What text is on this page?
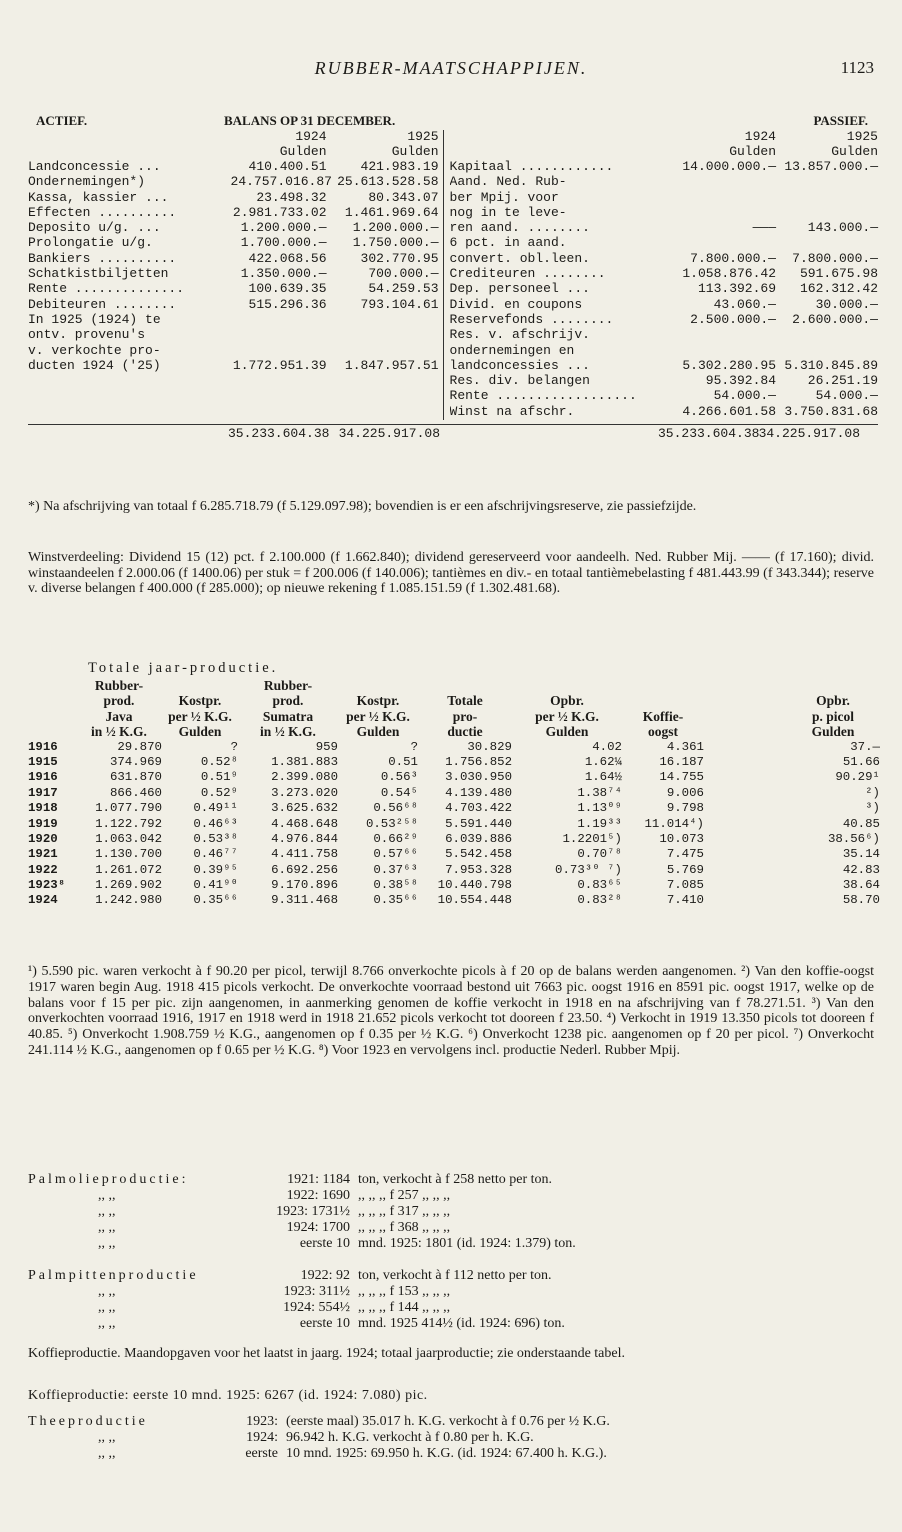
RUBBER-MAATSCHAPPIJEN.	1123
ACTIEF.	BALANS OP 31 DECEMBER.	PASSIEF.
1924	1925
Gulden	Gulden
Landconcessie ...	410.400.51	421.983.19
Ondernemingen*)	24.757.016.87 25.613.528.58
Kassa, kassier ...	23.498.32	80.343.07
Effecten ..........	2.981.733.02	1.461.969.64
Deposito u/g. ...	1.200.000.—	1.200.000.—
Prolongatie u/g.	1.700.000.—	1.750.000.—
Bankiers ..........	422.068.56	302.770.95
Schatkistbiljetten	1.350.000.—	700.000.—
Rente ..............	100.639.35	54.259.53
Debiteuren ........	515.296.36	793.104.61
In 1925 (1924) te
ontv. provenu's
v. verkochte pro-
ducten 1924 ('25)	1.772.951.39	1.847.957.51
1924	1925
Gulden	Gulden
Kapitaal ............	14.000.000.— 13.857.000.—
Aand. Ned. Rub-
ber Mpij. voor
nog in te leve-
ren aand. ........	———	143.000.—
6 pct. in aand.
convert. obl.leen.	7.800.000.—	7.800.000.—
Crediteuren ........	1.058.876.42	591.675.98
Dep. personeel ...	113.392.69	162.312.42
Divid. en coupons	43.060.—	30.000.—
Reservefonds ........	2.500.000.—	2.600.000.—
Res. v. afschrijv.
ondernemingen en
landconcessies ...	5.302.280.95 5.310.845.89
Res. div. belangen	95.392.84	26.251.19
Rente ..................	54.000.—	54.000.—
Winst na afschr.	4.266.601.58 3.750.831.68
35.233.604.38 34.225.917.08	35.233.604.38 34.225.917.08
*) Na afschrijving van totaal f 6.285.718.79 (f 5.129.097.98); bovendien is er een afschrijvingsreserve, zie passiefzijde.
Winstverdeeling: Dividend 15 (12) pct. f 2.100.000 (f 1.662.840); dividend gereserveerd voor aandeelh. Ned. Rubber Mij. —— (f 17.160); divid. winstaandeelen f 2.000.06 (f 1400.06) per stuk = f 200.006 (f 140.006); tantièmes en div.- en totaal tantièmebelasting f 481.443.99 (f 343.344); reserve v. diverse belangen f 400.000 (f 285.000); op nieuwe rekening f 1.085.151.59 (f 1.302.481.68).
Totale jaar-productie.
Rubber-	Rubber-
prod.	Kostpr.	prod.	Kostpr.	Totale	Opbr.	Opbr.
Java	per ½ K.G.	Sumatra	per ½ K.G.	pro-	per ½ K.G.	Koffie-	p. picol
in ½ K.G.	Gulden	in ½ K.G.	Gulden	ductie	Gulden	oogst	Gulden
1916	29.870	?	959	?	30.829	4.02	4.361	37.—
1915	374.969	0.52⁸	1.381.883	0.51	1.756.852	1.62¼	16.187	51.66
1916	631.870	0.51⁹	2.399.080	0.56³	3.030.950	1.64½	14.755	90.29¹
1917	866.460	0.52⁹	3.273.020	0.54⁵	4.139.480	1.38⁷⁴	9.006	²)
1918	1.077.790	0.49¹¹	3.625.632	0.56⁶⁸	4.703.422	1.13⁰⁹	9.798	³)
1919	1.122.792	0.46⁶³	4.468.648	0.53²⁵⁸	5.591.440	1.19³³	11.014⁴)	40.85
1920	1.063.042	0.53³⁸	4.976.844	0.66²⁹	6.039.886	1.2201⁵)	10.073	38.56⁶)
1921	1.130.700	0.46⁷⁷	4.411.758	0.57⁶⁶	5.542.458	0.70⁷⁸	7.475	35.14
1922	1.261.072	0.39⁹⁵	6.692.256	0.37⁶³	7.953.328	0.73³⁰ ⁷)	5.769	42.83
1923⁸	1.269.902	0.41⁹⁰	9.170.896	0.38⁵⁸	10.440.798	0.83⁶⁵	7.085	38.64
1924	1.242.980	0.35⁶⁶	9.311.468	0.35⁶⁶	10.554.448	0.83²⁸	7.410	58.70
¹) 5.590 pic. waren verkocht à f 90.20 per picol, terwijl 8.766 onverkochte picols à f 20 op de balans werden aangenomen. ²) Van den koffie-oogst 1917 waren begin Aug. 1918 415 picols verkocht. De onverkochte voorraad bestond uit 7663 pic. oogst 1916 en 8591 pic. oogst 1917, welke op de balans voor f 15 per pic. zijn aangenomen, in aanmerking genomen de koffie verkocht in 1918 en na afschrijving van f 78.271.51. ³) Van den onverkochten voorraad 1916, 1917 en 1918 werd in 1918 21.652 picols verkocht tot dooreen f 23.50. ⁴) Verkocht in 1919 13.350 picols tot dooreen f 40.85. ⁵) Onverkocht 1.908.759 ½ K.G., aangenomen op f 0.35 per ½ K.G. ⁶) Onverkocht 1238 pic. aangenomen op f 20 per picol. ⁷) Onverkocht 241.114 ½ K.G., aangenomen op f 0.65 per ½ K.G. ⁸) Voor 1923 en vervolgens incl. productie Nederl. Rubber Mpij.
Palmolieproductie:	1921: 1184 ton, verkocht à f 258 netto per ton.
,, ,,	1922: 1690 ,, ,, ,, f 257 ,, ,, ,,
,, ,,	1923: 1731½ ,, ,, ,, f 317 ,, ,, ,,
,, ,,	1924: 1700 ,, ,, ,, f 368 ,, ,, ,,
,, ,,	eerste 10 mnd. 1925: 1801 (id. 1924: 1.379) ton.
Palmpittenproductie	1922: 92 ton, verkocht à f 112 netto per ton.
,, ,,	1923: 311½ ,, ,, ,, f 153 ,, ,, ,,
,, ,,	1924: 554½ ,, ,, ,, f 144 ,, ,, ,,
,, ,,	eerste 10 mnd. 1925 414½ (id. 1924: 696) ton.
Koffieproductie. Maandopgaven voor het laatst in jaarg. 1924; totaal jaarproductie; zie onderstaande tabel.
Koffieproductie: eerste 10 mnd. 1925: 6267 (id. 1924: 7.080) pic.
Theeproductie	1923: (eerste maal) 35.017 h. K.G. verkocht à f 0.76 per ½ K.G.
,, ,,	1924: 96.942 h. K.G. verkocht à f 0.80 per h. K.G.
,, ,,	eerste 10 mnd. 1925: 69.950 h. K.G. (id. 1924: 67.400 h. K.G.).
